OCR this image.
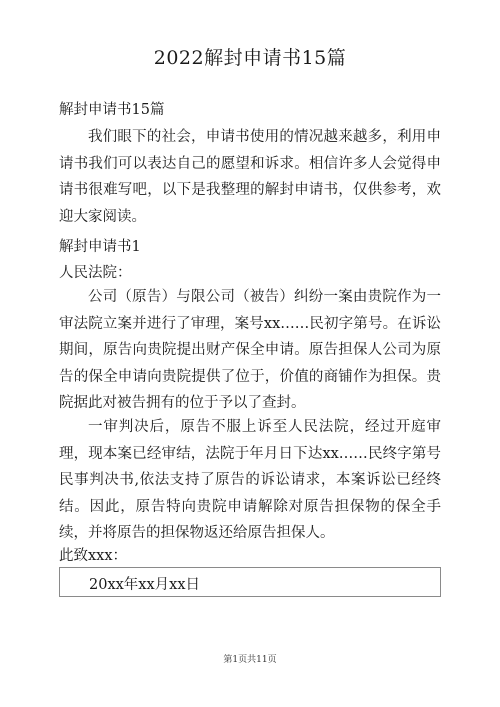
2022解封申请书15篇
解封申请书15篇

我们眼下的社会，申请书使用的情况越来越多，利用申请书我们可以表达自己的愿望和诉求。相信许多人会觉得申请书很难写吧，以下是我整理的解封申请书，仅供参考，欢迎大家阅读。

解封申请书1
人民法院：

公司（原告）与限公司（被告）纠纷一案由贵院作为一审法院立案并进行了审理，案号xx……民初字第号。在诉讼期间，原告向贵院提出财产保全申请。原告担保人公司为原告的保全申请向贵院提供了位于，价值的商铺作为担保。贵院据此对被告拥有的位于予以了查封。

一审判决后，原告不服上诉至人民法院，经过开庭审理，现本案已经审结，法院于年月日下达xx……民终字第号民事判决书,依法支持了原告的诉讼请求，本案诉讼已经终结。因此，原告特向贵院申请解除对原告担保物的保全手续，并将原告的担保物返还给原告担保人。

此致xxx：
20xx年xx月xx日
第1页共11页
